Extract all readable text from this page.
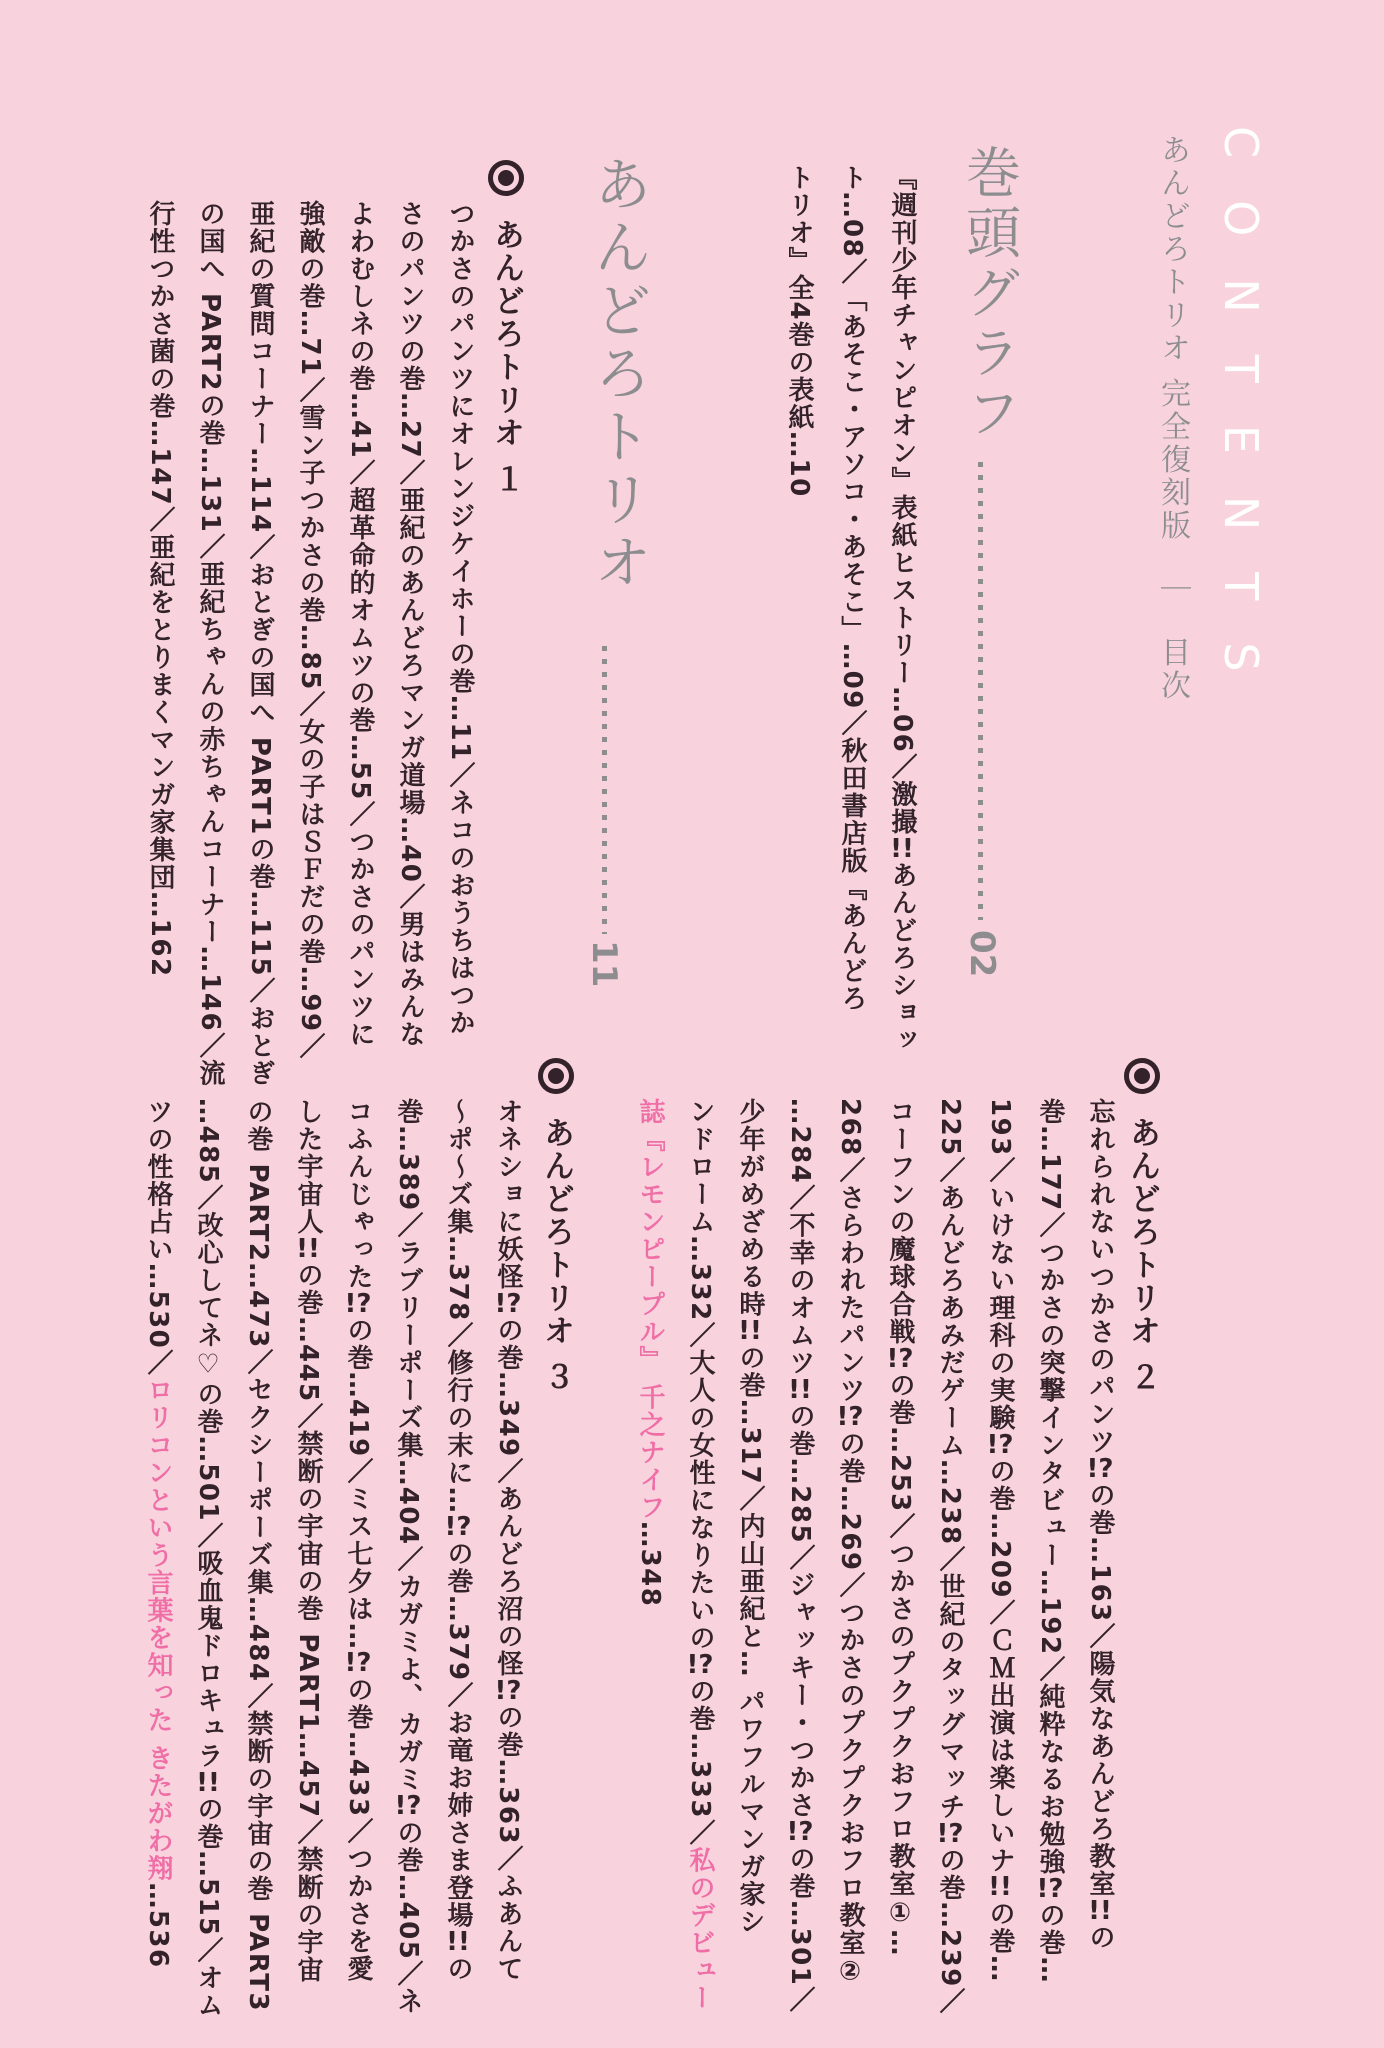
CONTENTS
あんどろトリオ 完全復刻版 ｜ 目次
巻頭グラフ
02
『週刊少年チャンピオン』表紙ヒストリー…06／激撮!!あんどろショッ
ト…08／「あそこ・アソコ・あそこ」…09／秋田書店版『あんどろ
トリオ』全4巻の表紙…10
あんどろトリオ
11
あんどろトリオ １
つかさのパンツにオレンジケイホーの巻…11／ネコのおうちはつか
さのパンツの巻…27／亜紀のあんどろマンガ道場…40／男はみんな
よわむしネの巻…41／超革命的オムツの巻…55／つかさのパンツに
強敵の巻…71／雪ン子つかさの巻…85／女の子はＳＦだの巻…99／
亜紀の質問コーナー…114／おとぎの国へ PART1の巻…115／おとぎ
の国へ PART2の巻…131／亜紀ちゃんの赤ちゃんコーナー…146／流
行性つかさ菌の巻…147／亜紀をとりまくマンガ家集団…162
あんどろトリオ ２
忘れられないつかさのパンツ!?の巻…163／陽気なあんどろ教室!!の
巻…177／つかさの突撃インタビュー…192／純粋なるお勉強!?の巻…
193／いけない理科の実験!?の巻…209／ＣＭ出演は楽しいナ!!の巻…
225／あんどろあみだゲーム…238／世紀のタッグマッチ!?の巻…239／
コーフンの魔球合戦!?の巻…253／つかさのプクプクおフロ教室①…
268／さらわれたパンツ!?の巻…269／つかさのプクプクおフロ教室②
…284／不幸のオムツ!!の巻…285／ジャッキー・つかさ!?の巻…301／
少年がめざめる時!!の巻…317／内山亜紀と… パワフルマンガ家シ
ンドローム…332／大人の女性になりたいの!?の巻…333／私のデビュー
誌『レモンピープル』 千之ナイフ…348
あんどろトリオ ３
オネショに妖怪!?の巻…349／あんどろ沼の怪!?の巻…363／ふあんて
〜ポ〜ズ集…378／修行の末に…!?の巻…379／お竜お姉さま登場!!の
巻…389／ラブリーポーズ集…404／カガミよ、カガミ!?の巻…405／ネ
コふんじゃった!?の巻…419／ミス七夕は…!?の巻…433／つかさを愛
した宇宙人!!の巻…445／禁断の宇宙の巻 PART1…457／禁断の宇宙
の巻 PART2…473／セクシーポーズ集…484／禁断の宇宙の巻 PART3
…485／改心してネ♡の巻…501／吸血鬼ドロキュラ!!の巻…515／オム
ツの性格占い…530／ロリコンという言葉を知った きたがわ翔…536
